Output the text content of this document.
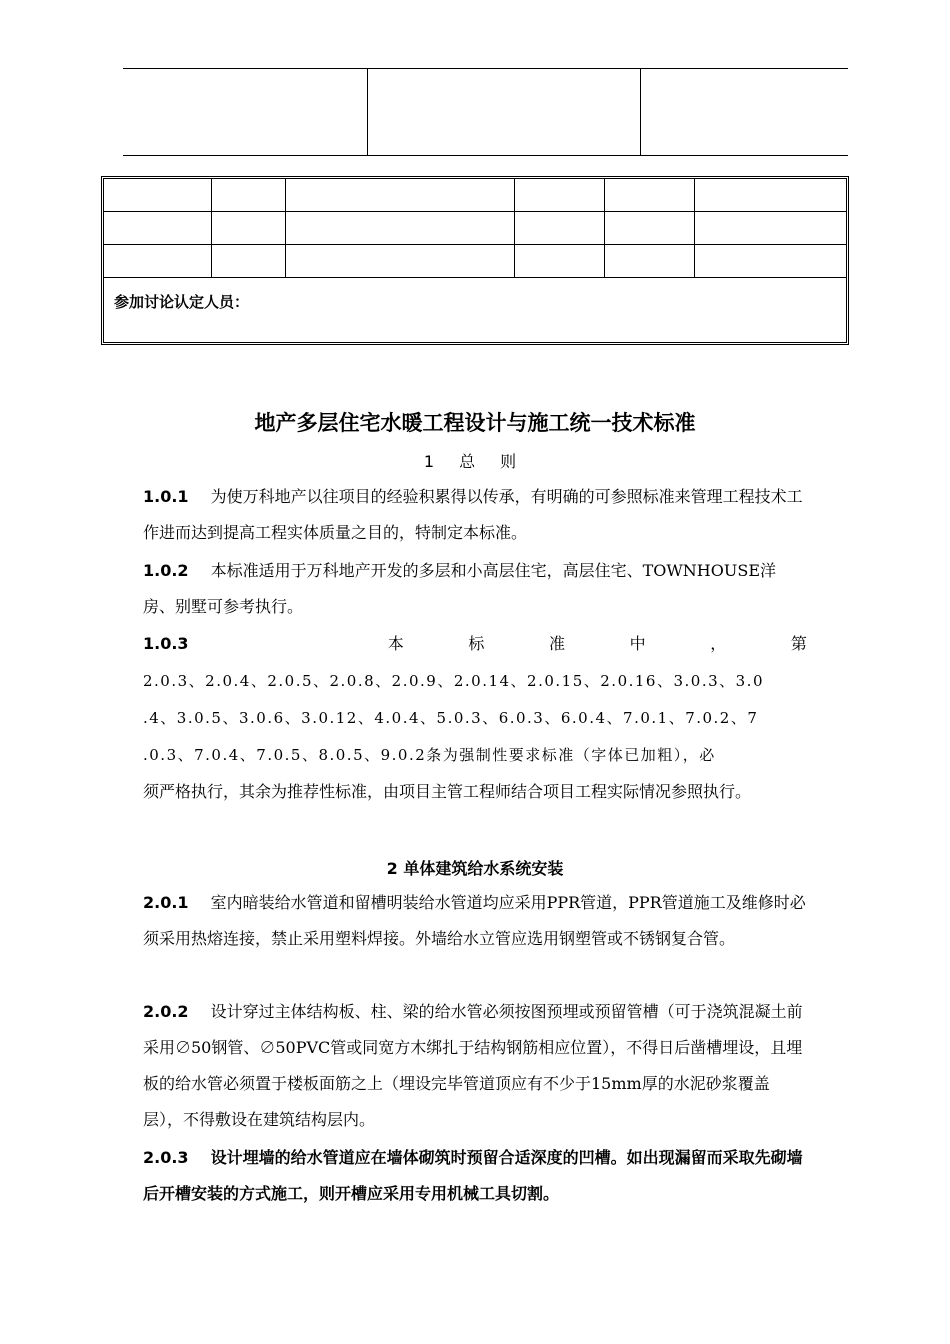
参加讨论认定人员：
地产多层住宅水暖工程设计与施工统一技术标准
1 总 则
1.0.1 为使万科地产以往项目的经验积累得以传承，有明确的可参照标准来管理工程技术工作进而达到提高工程实体质量之目的，特制定本标准。
1.0.2 本标准适用于万科地产开发的多层和小高层住宅，高层住宅、TOWNHOUSE洋房、别墅可参考执行。
1.0.3	本	标	准	中	，	第
2.0.3、2.0.4、2.0.5、2.0.8、2.0.9、2.0.14、2.0.15、2.0.16、3.0.3、3.0
.4、3.0.5、3.0.6、3.0.12、4.0.4、5.0.3、6.0.3、6.0.4、7.0.1、7.0.2、7
.0.3、7.0.4、7.0.5、8.0.5、9.0.2条为强制性要求标准（字体已加粗），必
须严格执行，其余为推荐性标准，由项目主管工程师结合项目工程实际情况参照执行。
2 单体建筑给水系统安装
2.0.1 室内暗装给水管道和留槽明装给水管道均应采用PPR管道，PPR管道施工及维修时必须采用热熔连接，禁止采用塑料焊接。外墙给水立管应选用钢塑管或不锈钢复合管。
2.0.2 设计穿过主体结构板、柱、梁的给水管必须按图预埋或预留管槽（可于浇筑混凝土前采用∅50钢管、∅50PVC管或同宽方木绑扎于结构钢筋相应位置），不得日后凿槽埋设，且埋板的给水管必须置于楼板面筋之上（埋设完毕管道顶应有不少于15mm厚的水泥砂浆覆盖层），不得敷设在建筑结构层内。
2.0.3 设计埋墙的给水管道应在墙体砌筑时预留合适深度的凹槽。如出现漏留而采取先砌墙后开槽安装的方式施工，则开槽应采用专用机械工具切割。
